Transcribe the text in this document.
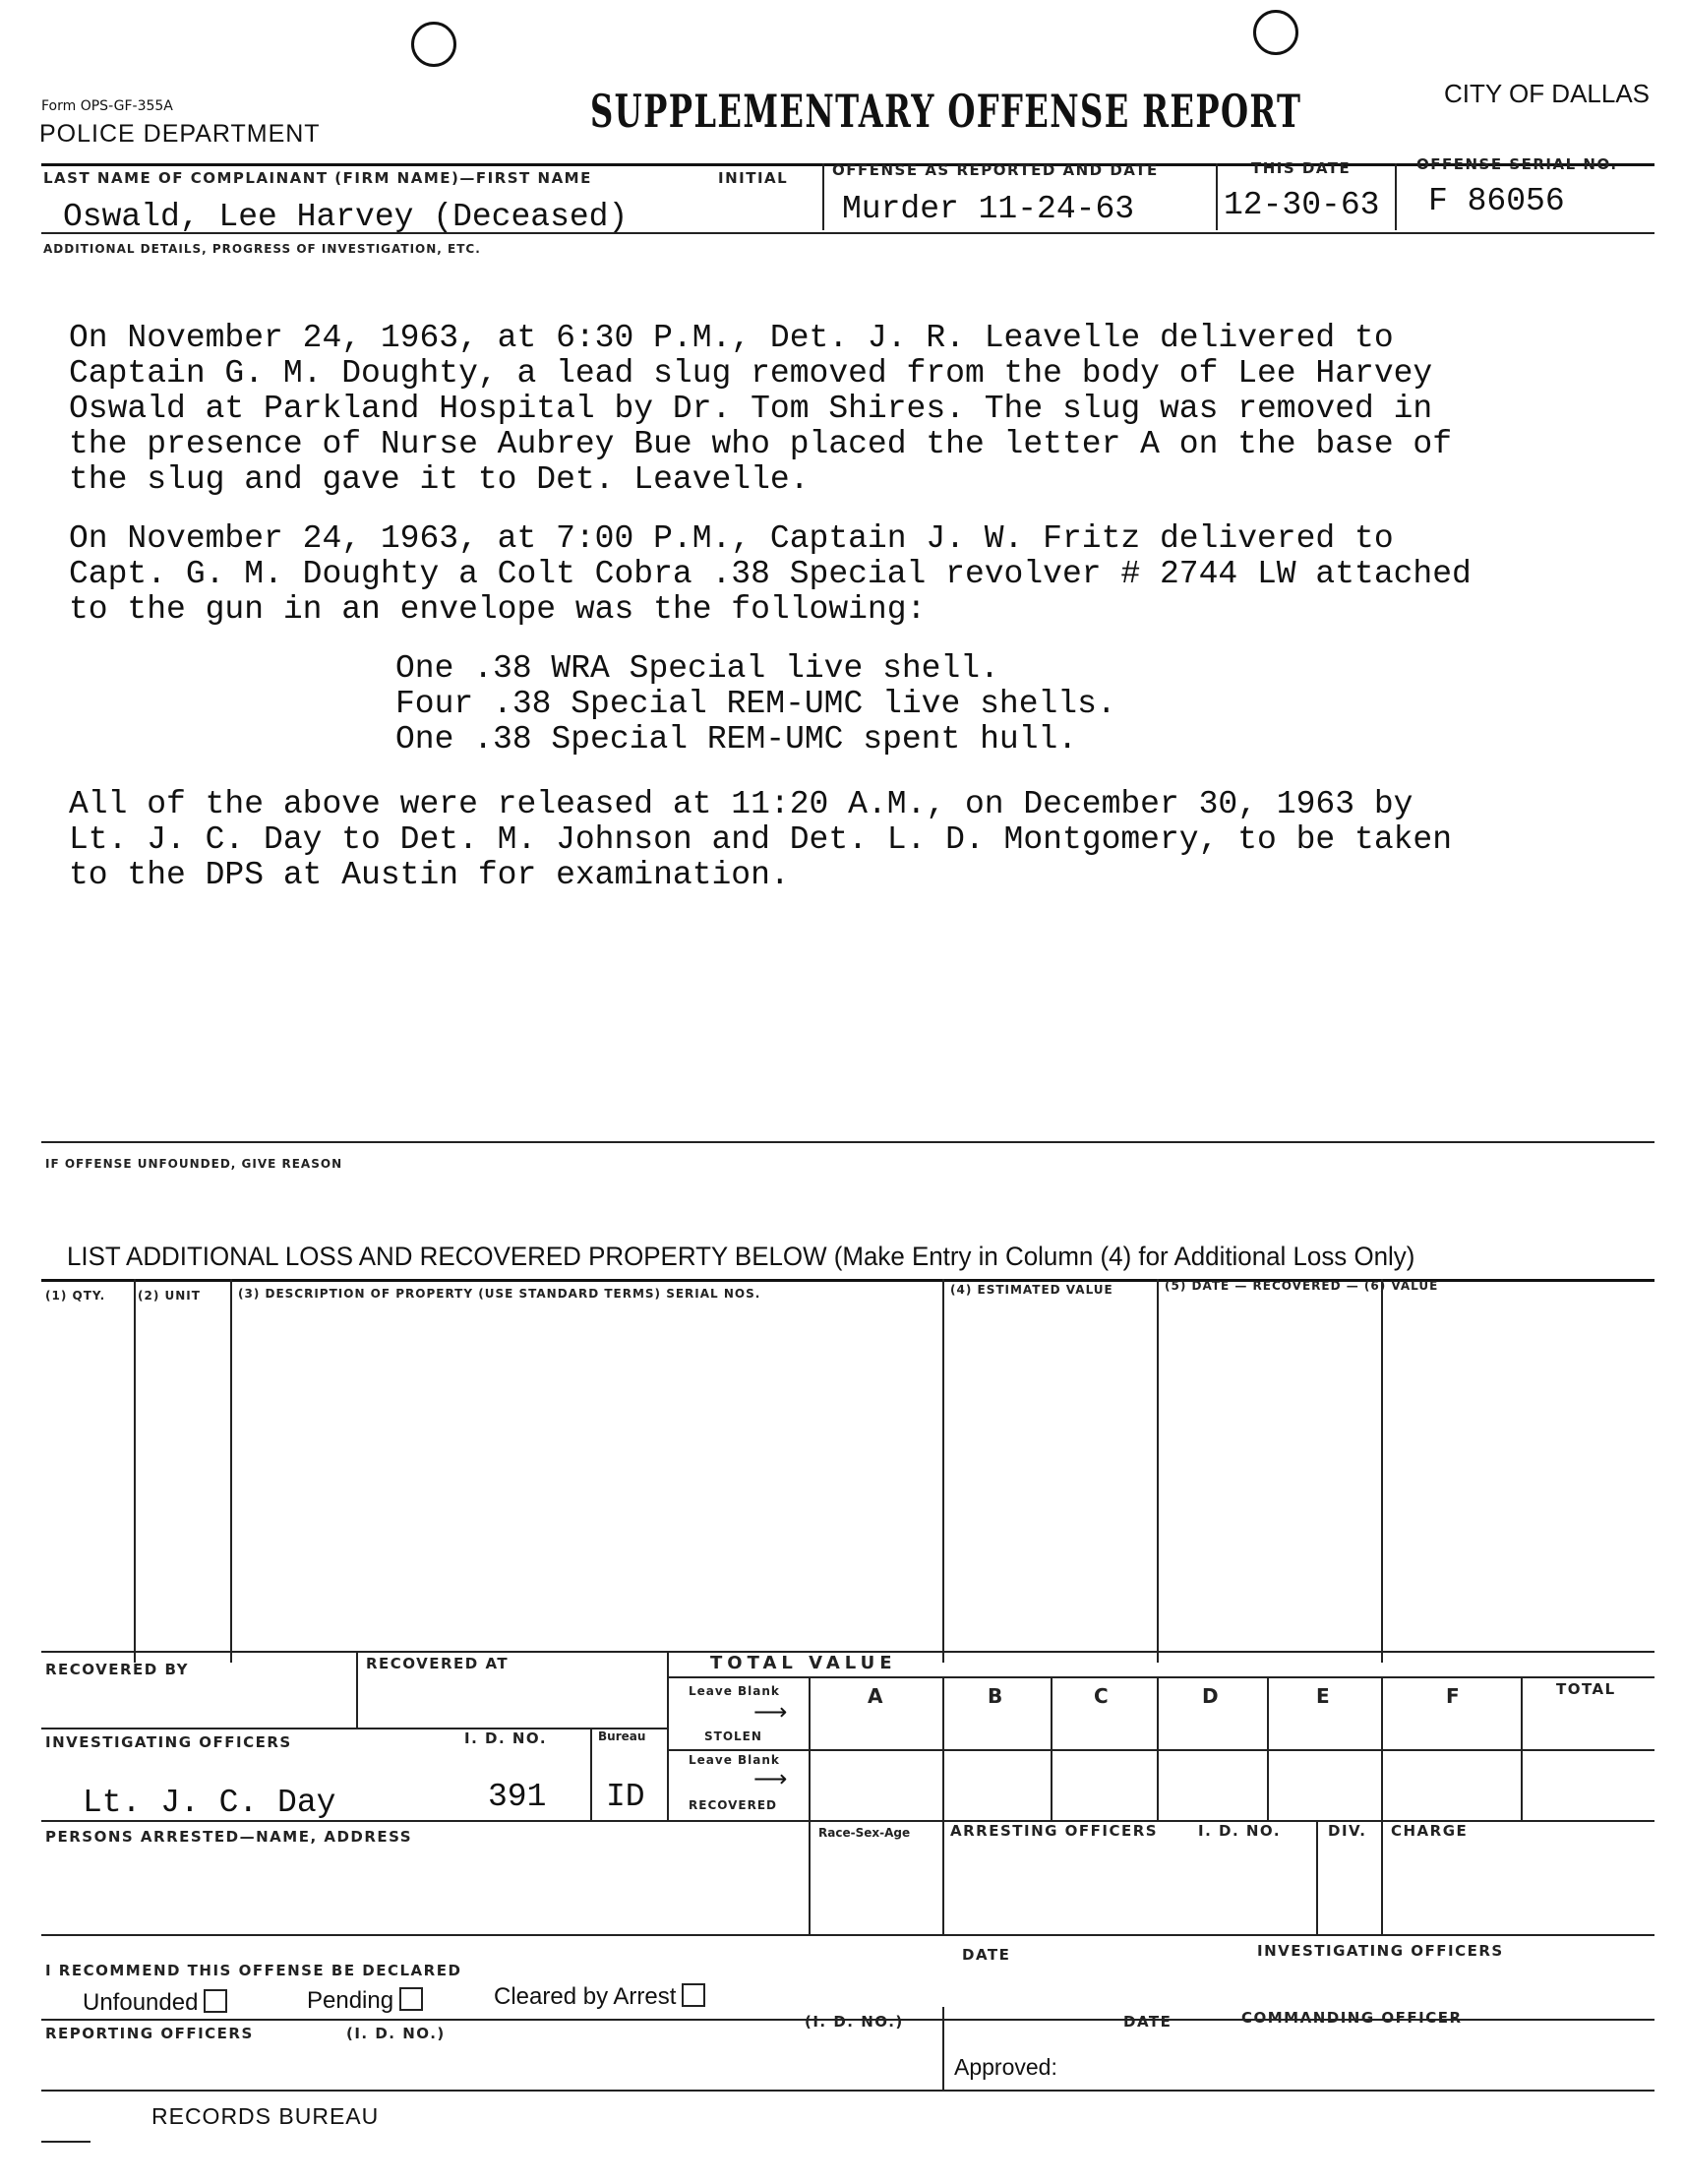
Form OPS-GF-355A
POLICE DEPARTMENT	SUPPLEMENTARY OFFENSE REPORT	CITY OF DALLAS
LAST NAME OF COMPLAINANT (FIRM NAME)—FIRST NAME	INITIAL
Oswald, Lee Harvey (Deceased)
OFFENSE AS REPORTED AND DATE
Murder 11-24-63
THIS DATE
12-30-63
OFFENSE SERIAL NO.
F 86056
ADDITIONAL DETAILS, PROGRESS OF INVESTIGATION, ETC.
On November 24, 1963, at 6:30 P.M., Det. J. R. Leavelle delivered to
Captain G. M. Doughty, a lead slug removed from the body of Lee Harvey
Oswald at Parkland Hospital by Dr. Tom Shires. The slug was removed in
the presence of Nurse Aubrey Bue who placed the letter A on the base of
the slug and gave it to Det. Leavelle.
On November 24, 1963, at 7:00 P.M., Captain J. W. Fritz delivered to
Capt. G. M. Doughty a Colt Cobra .38 Special revolver # 2744 LW attached
to the gun in an envelope was the following:
One .38 WRA Special live shell.
Four .38 Special REM-UMC live shells.
One .38 Special REM-UMC spent hull.
All of the above were released at 11:20 A.M., on December 30, 1963 by
Lt. J. C. Day to Det. M. Johnson and Det. L. D. Montgomery, to be taken
to the DPS at Austin for examination.
IF OFFENSE UNFOUNDED, GIVE REASON
LIST ADDITIONAL LOSS AND RECOVERED PROPERTY BELOW (Make Entry in Column (4) for Additional Loss Only)
(1) QTY.	(2) UNIT	(3) DESCRIPTION OF PROPERTY (USE STANDARD TERMS) SERIAL NOS.	(4) ESTIMATED VALUE	(5) DATE — RECOVERED — (6) VALUE
RECOVERED BY	RECOVERED AT	TOTAL VALUE
Leave Blank
⟶
STOLEN
Leave Blank
⟶
RECOVERED
A	B	C	D	E	F	TOTAL
INVESTIGATING OFFICERS	I. D. NO.	Bureau
Lt. J. C. Day	391 ID
PERSONS ARRESTED—NAME, ADDRESS	Race-Sex-Age	ARRESTING OFFICERS	I. D. NO.	DIV. CHARGE
I RECOMMEND THIS OFFENSE BE DECLARED
DATE	INVESTIGATING OFFICERS
Unfounded	Pending	Cleared by Arrest
REPORTING OFFICERS	(I. D. NO.)
(I. D. NO.)	DATE	COMMANDING OFFICER
Approved:
RECORDS BUREAU
